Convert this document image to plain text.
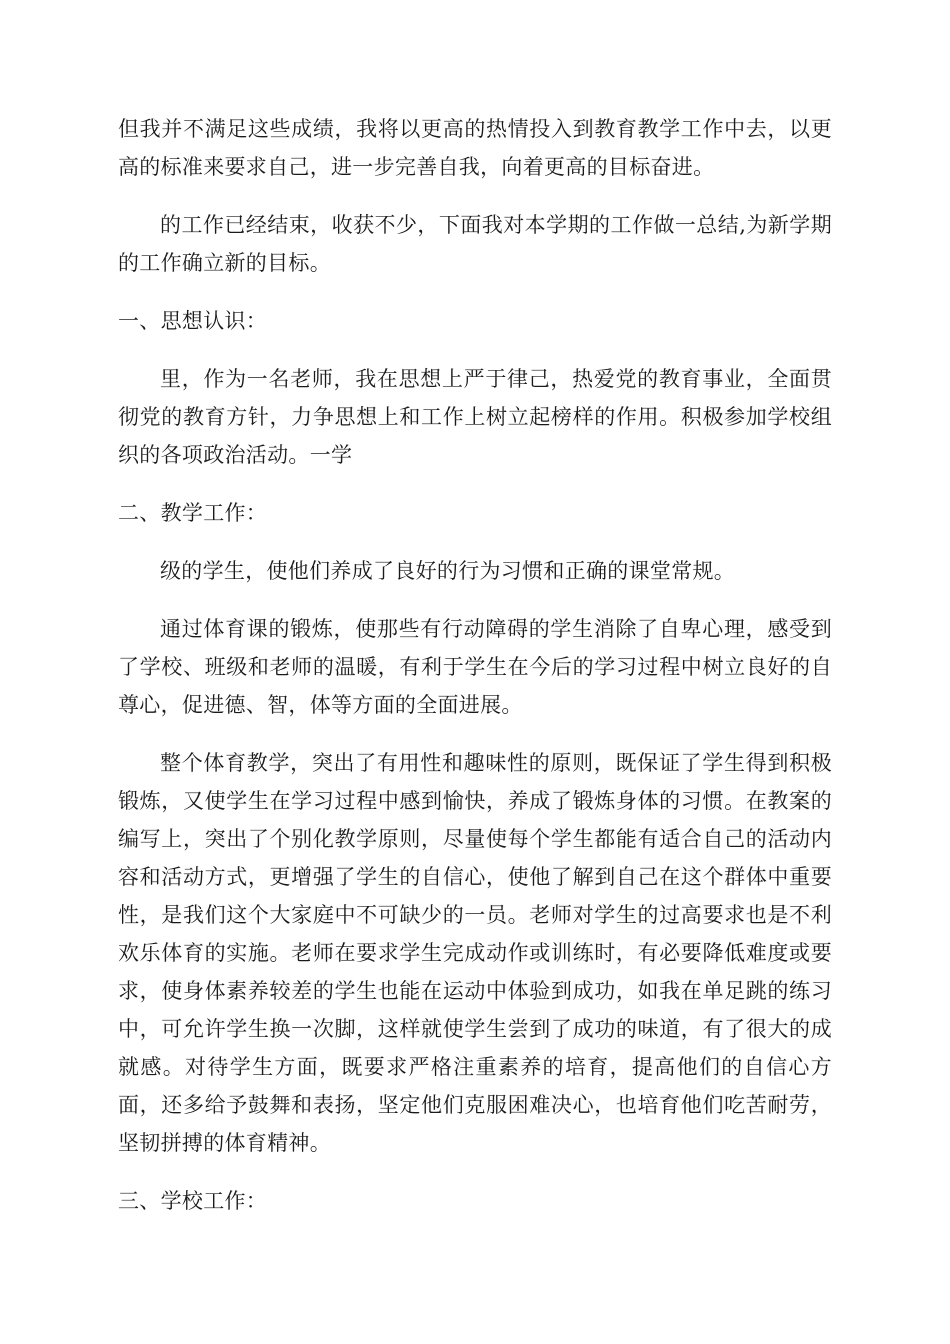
但我并不满足这些成绩，我将以更高的热情投入到教育教学工作中去，以更高的标准来要求自己，进一步完善自我，向着更高的目标奋进。

的工作已经结束，收获不少，下面我对本学期的工作做一总结,为新学期的工作确立新的目标。

一、思想认识：

里，作为一名老师，我在思想上严于律己，热爱党的教育事业，全面贯彻党的教育方针，力争思想上和工作上树立起榜样的作用。积极参加学校组织的各项政治活动。一学

二、教学工作：

级的学生，使他们养成了良好的行为习惯和正确的课堂常规。

通过体育课的锻炼，使那些有行动障碍的学生消除了自卑心理，感受到了学校、班级和老师的温暖，有利于学生在今后的学习过程中树立良好的自尊心，促进德、智，体等方面的全面进展。

整个体育教学，突出了有用性和趣味性的原则，既保证了学生得到积极锻炼，又使学生在学习过程中感到愉快，养成了锻炼身体的习惯。在教案的编写上，突出了个别化教学原则，尽量使每个学生都能有适合自己的活动内容和活动方式，更增强了学生的自信心，使他了解到自己在这个群体中重要性，是我们这个大家庭中不可缺少的一员。老师对学生的过高要求也是不利欢乐体育的实施。老师在要求学生完成动作或训练时，有必要降低难度或要求，使身体素养较差的学生也能在运动中体验到成功，如我在单足跳的练习中，可允许学生换一次脚，这样就使学生尝到了成功的味道，有了很大的成就感。对待学生方面，既要求严格注重素养的培育，提高他们的自信心方面，还多给予鼓舞和表扬，坚定他们克服困难决心，也培育他们吃苦耐劳，坚韧拼搏的体育精神。

三、学校工作：
